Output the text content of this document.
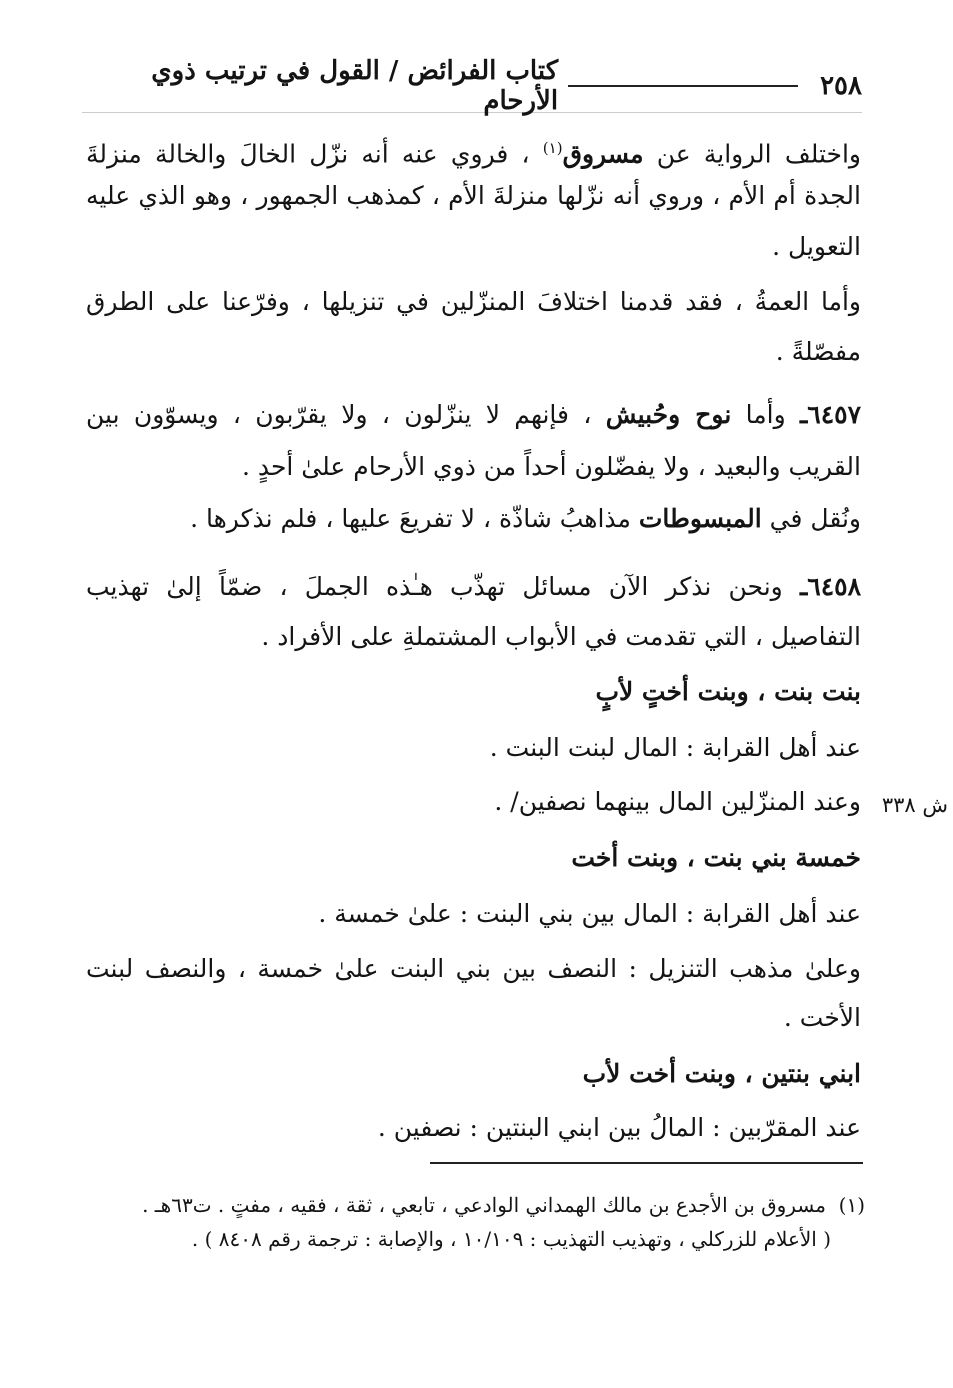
٢٥٨
كتاب الفرائض / القول في ترتيب ذوي الأرحام
واختلف الرواية عن مسروق$^{(١)}$ ، فروي عنه أنه نزّل الخالَ والخالة منزلةَ
الجدة أم الأم ، وروي أنه نزّلها منزلةَ الأم ، كمذهب الجمهور ، وهو الذي عليه
التعويل .
وأما العمةُ ، فقد قدمنا اختلافَ المنزّلين في تنزيلها ، وفرّعنا على الطرق
مفصّلةً .
٦٤٥٧ـ وأما نوح وحُبيش ، فإنهم لا ينزّلون ، ولا يقرّبون ، ويسوّون بين
القريب والبعيد ، ولا يفضّلون أحداً من ذوي الأرحام علىٰ أحدٍ .
ونُقل في المبسوطات مذاهبُ شاذّة ، لا تفريعَ عليها ، فلم نذكرها .
٦٤٥٨ـ ونحن نذكر الآن مسائل تهذّب هـٰذه الجملَ ، ضمّاً إلىٰ تهذيب
التفاصيل ، التي تقدمت في الأبواب المشتملةِ على الأفراد .
بنت بنت ، وبنت أختٍ لأبٍ
عند أهل القرابة : المال لبنت البنت .
وعند المنزّلين المال بينهما نصفين/ . ش ٣٣٨
خمسة بني بنت ، وبنت أخت
عند أهل القرابة : المال بين بني البنت : علىٰ خمسة .
وعلىٰ مذهب التنزيل : النصف بين بني البنت علىٰ خمسة ، والنصف لبنت
الأخت .
ابني بنتين ، وبنت أخت لأب
عند المقرّبين : المالُ بين ابني البنتين : نصفين .
(١)  مسروق بن الأجدع بن مالك الهمداني الوادعي ، تابعي ، ثقة ، فقيه ، مفتٍ . ت٦٣هـ .
( الأعلام للزركلي ، وتهذيب التهذيب : ١٠/١٠٩ ، والإصابة : ترجمة رقم ٨٤٠٨ ) .
